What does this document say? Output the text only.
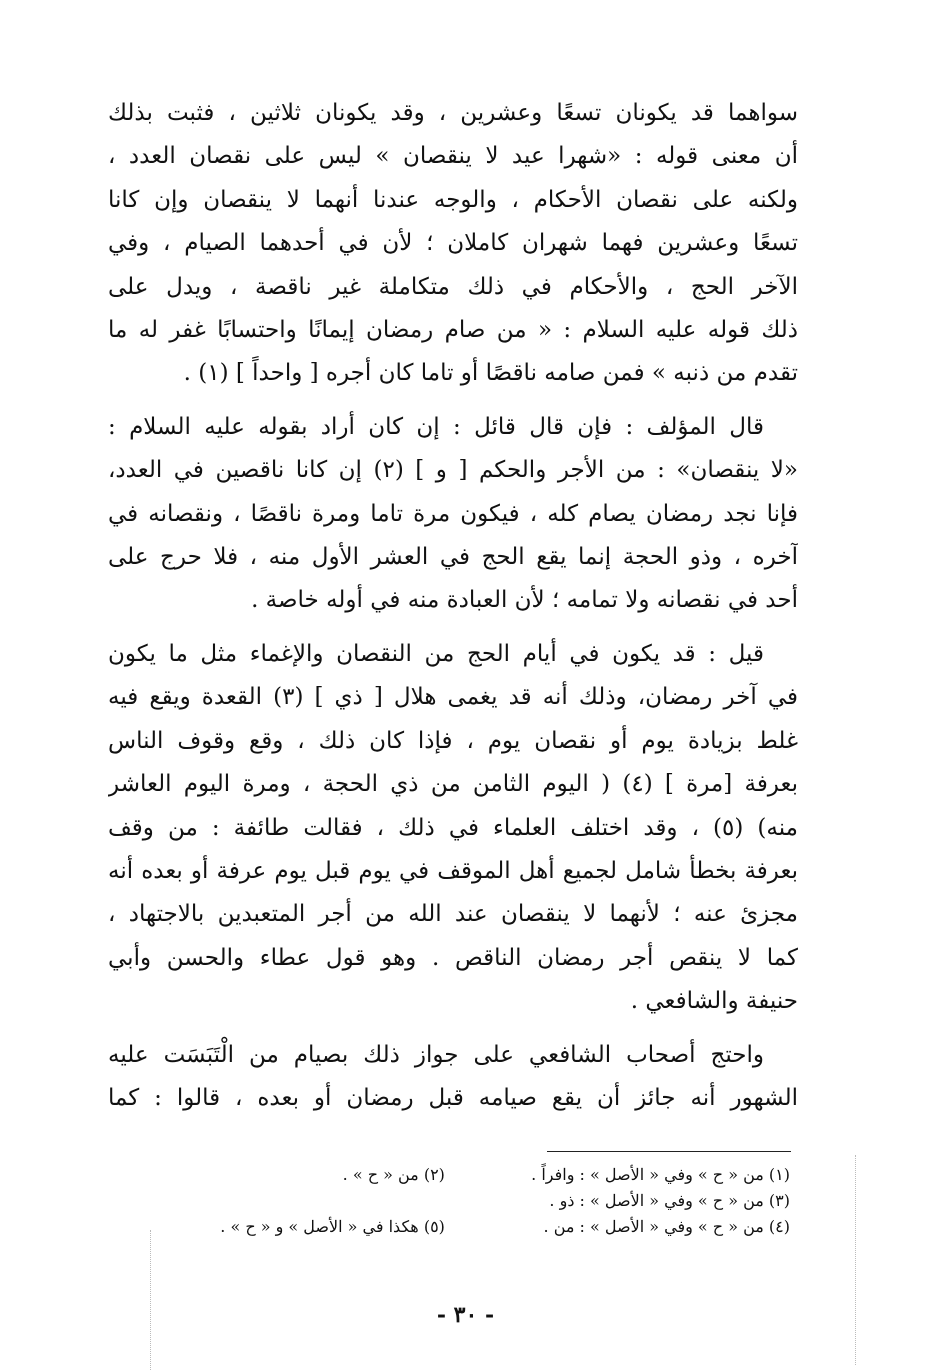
سواهما قد يكونان تسعًا وعشرين ، وقد يكونان ثلاثين ، فثبت بذلك
أن معنى قوله : «شهرا عيد لا ينقصان » ليس على نقصان العدد ،
ولكنه على نقصان الأحكام ، والوجه عندنا أنهما لا ينقصان وإن كانا
تسعًا وعشرين فهما شهران كاملان ؛ لأن في أحدهما الصيام ، وفي
الآخر الحج ، والأحكام في ذلك متكاملة غير ناقصة ، ويدل على
ذلك قوله عليه السلام : « من صام رمضان إيمانًا واحتسابًا غفر له ما
تقدم من ذنبه » فمن صامه ناقصًا أو تاما كان أجره [ واحداً ] (١) .

قال المؤلف : فإن قال قائل : إن كان أراد بقوله عليه السلام :
«لا ينقصان» : من الأجر والحكم [ و ] (٢) إن كانا ناقصين في العدد،
فإنا نجد رمضان يصام كله ، فيكون مرة تاما ومرة ناقصًا ، ونقصانه في
آخره ، وذو الحجة إنما يقع الحج في العشر الأول منه ، فلا حرج على
أحد في نقصانه ولا تمامه ؛ لأن العبادة منه في أوله خاصة .

قيل : قد يكون في أيام الحج من النقصان والإغماء مثل ما يكون
في آخر رمضان، وذلك أنه قد يغمى هلال [ ذي ] (٣) القعدة ويقع فيه
غلط بزيادة يوم أو نقصان يوم ، فإذا كان ذلك ، وقع وقوف الناس
بعرفة [مرة ] (٤) ( اليوم الثامن من ذي الحجة ، ومرة اليوم العاشر
منه) (٥) ، وقد اختلف العلماء في ذلك ، فقالت طائفة : من وقف
بعرفة بخطأ شامل لجميع أهل الموقف في يوم قبل يوم عرفة أو بعده أنه
مجزئ عنه ؛ لأنهما لا ينقصان عند الله من أجر المتعبدين بالاجتهاد ،
كما لا ينقص أجر رمضان الناقص . وهو قول عطاء والحسن وأبي
حنيفة والشافعي .

واحتج أصحاب الشافعي على جواز ذلك بصيام من الْتَبَسَت عليه
الشهور أنه جائز أن يقع صيامه قبل رمضان أو بعده ، قالوا : كما

(١) من « ح » وفي « الأصل » : وافراً . (٢) من « ح » .
(٣) من « ح » وفي « الأصل » : ذو .
(٤) من « ح » وفي « الأصل » : من . (٥) هكذا في « الأصل » و « ح » .
- ٣٠ -
